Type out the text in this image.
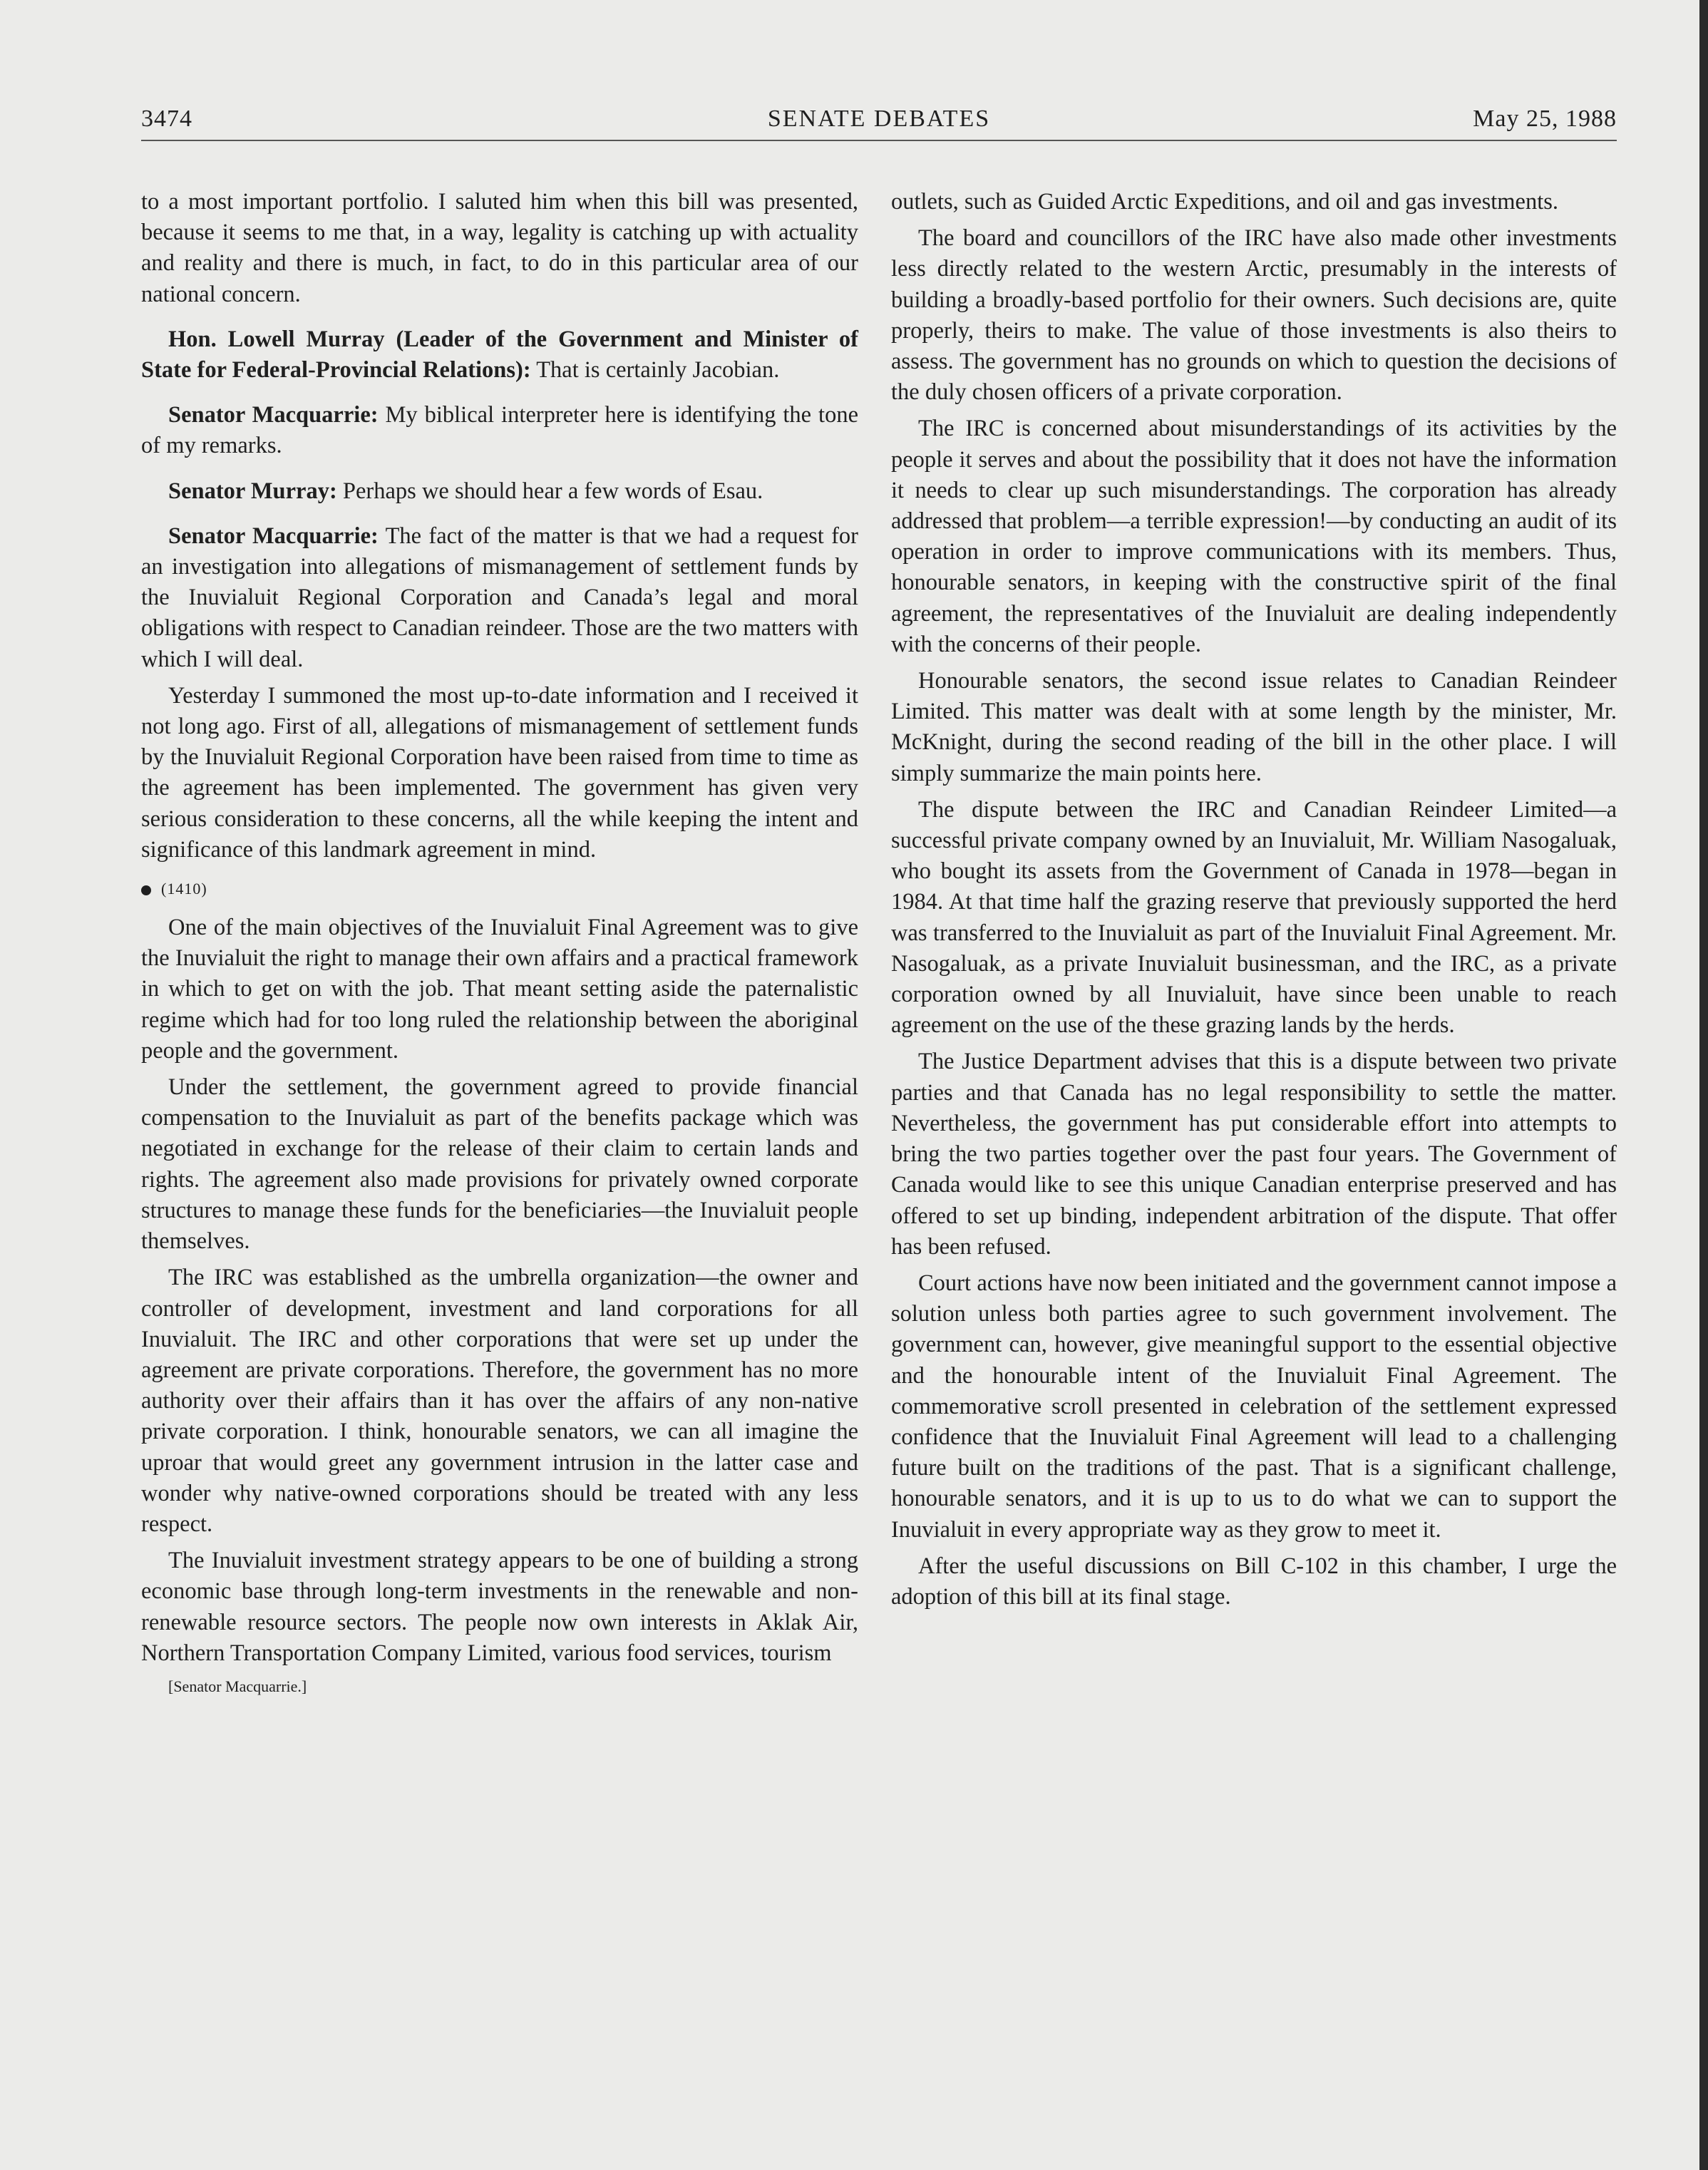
3474	SENATE DEBATES	May 25, 1988

to a most important portfolio. I saluted him when this bill was presented, because it seems to me that, in a way, legality is catching up with actuality and reality and there is much, in fact, to do in this particular area of our national concern.

Hon. Lowell Murray (Leader of the Government and Minister of State for Federal-Provincial Relations): That is certainly Jacobian.

Senator Macquarrie: My biblical interpreter here is identifying the tone of my remarks.

Senator Murray: Perhaps we should hear a few words of Esau.

Senator Macquarrie: The fact of the matter is that we had a request for an investigation into allegations of mismanagement of settlement funds by the Inuvialuit Regional Corporation and Canada’s legal and moral obligations with respect to Canadian reindeer. Those are the two matters with which I will deal.

Yesterday I summoned the most up-to-date information and I received it not long ago. First of all, allegations of mismanagement of settlement funds by the Inuvialuit Regional Corporation have been raised from time to time as the agreement has been implemented. The government has given very serious consideration to these concerns, all the while keeping the intent and significance of this landmark agreement in mind.

(1410)

One of the main objectives of the Inuvialuit Final Agreement was to give the Inuvialuit the right to manage their own affairs and a practical framework in which to get on with the job. That meant setting aside the paternalistic regime which had for too long ruled the relationship between the aboriginal people and the government.

Under the settlement, the government agreed to provide financial compensation to the Inuvialuit as part of the benefits package which was negotiated in exchange for the release of their claim to certain lands and rights. The agreement also made provisions for privately owned corporate structures to manage these funds for the beneficiaries—the Inuvialuit people themselves.

The IRC was established as the umbrella organization—the owner and controller of development, investment and land corporations for all Inuvialuit. The IRC and other corporations that were set up under the agreement are private corporations. Therefore, the government has no more authority over their affairs than it has over the affairs of any non-native private corporation. I think, honourable senators, we can all imagine the uproar that would greet any government intrusion in the latter case and wonder why native-owned corporations should be treated with any less respect.

The Inuvialuit investment strategy appears to be one of building a strong economic base through long-term investments in the renewable and non-renewable resource sectors. The people now own interests in Aklak Air, Northern Transportation Company Limited, various food services, tourism

[Senator Macquarrie.]

outlets, such as Guided Arctic Expeditions, and oil and gas investments.

The board and councillors of the IRC have also made other investments less directly related to the western Arctic, presumably in the interests of building a broadly-based portfolio for their owners. Such decisions are, quite properly, theirs to make. The value of those investments is also theirs to assess. The government has no grounds on which to question the decisions of the duly chosen officers of a private corporation.

The IRC is concerned about misunderstandings of its activities by the people it serves and about the possibility that it does not have the information it needs to clear up such misunderstandings. The corporation has already addressed that problem—a terrible expression!—by conducting an audit of its operation in order to improve communications with its members. Thus, honourable senators, in keeping with the constructive spirit of the final agreement, the representatives of the Inuvialuit are dealing independently with the concerns of their people.

Honourable senators, the second issue relates to Canadian Reindeer Limited. This matter was dealt with at some length by the minister, Mr. McKnight, during the second reading of the bill in the other place. I will simply summarize the main points here.

The dispute between the IRC and Canadian Reindeer Limited—a successful private company owned by an Inuvialuit, Mr. William Nasogaluak, who bought its assets from the Government of Canada in 1978—began in 1984. At that time half the grazing reserve that previously supported the herd was transferred to the Inuvialuit as part of the Inuvialuit Final Agreement. Mr. Nasogaluak, as a private Inuvialuit businessman, and the IRC, as a private corporation owned by all Inuvialuit, have since been unable to reach agreement on the use of the these grazing lands by the herds.

The Justice Department advises that this is a dispute between two private parties and that Canada has no legal responsibility to settle the matter. Nevertheless, the government has put considerable effort into attempts to bring the two parties together over the past four years. The Government of Canada would like to see this unique Canadian enterprise preserved and has offered to set up binding, independent arbitration of the dispute. That offer has been refused.

Court actions have now been initiated and the government cannot impose a solution unless both parties agree to such government involvement. The government can, however, give meaningful support to the essential objective and the honourable intent of the Inuvialuit Final Agreement. The commemorative scroll presented in celebration of the settlement expressed confidence that the Inuvialuit Final Agreement will lead to a challenging future built on the traditions of the past. That is a significant challenge, honourable senators, and it is up to us to do what we can to support the Inuvialuit in every appropriate way as they grow to meet it.

After the useful discussions on Bill C-102 in this chamber, I urge the adoption of this bill at its final stage.
